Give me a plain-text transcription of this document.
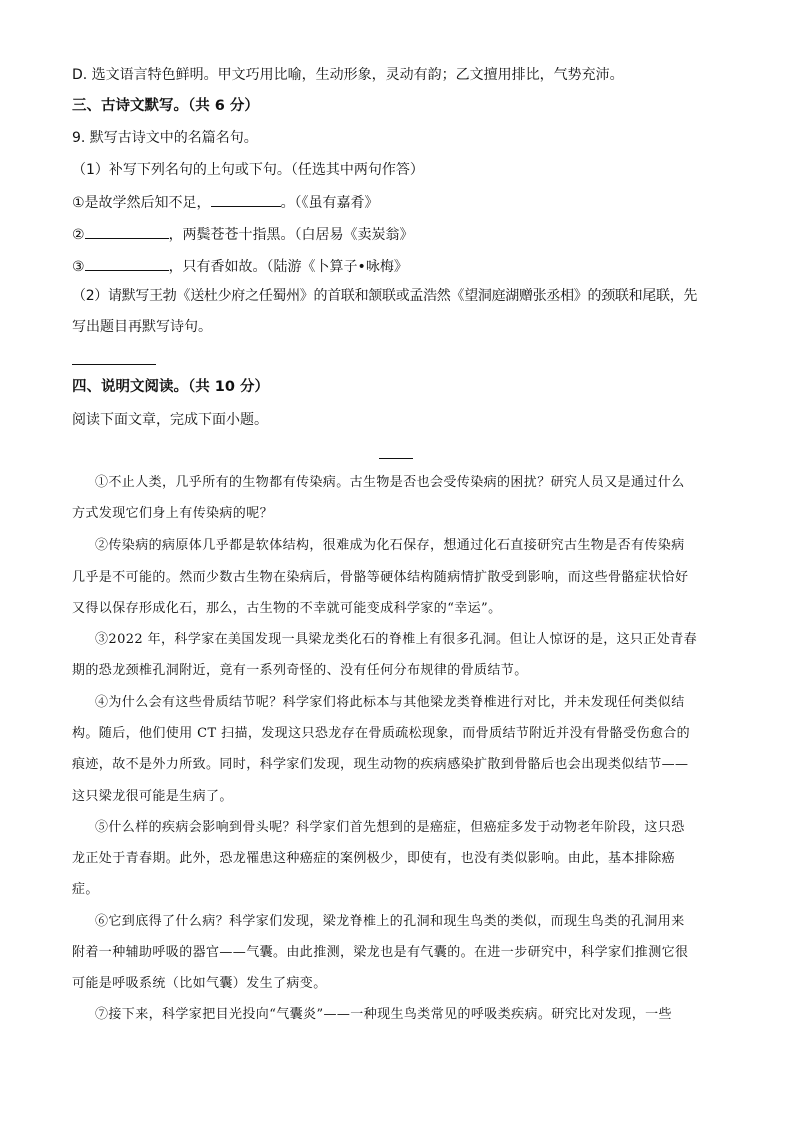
D. 选文语言特色鲜明。甲文巧用比喻，生动形象，灵动有韵；乙文擅用排比，气势充沛。
三、古诗文默写。（共 6 分）
9. 默写古诗文中的名篇名句。
（1）补写下列名句的上句或下句。（任选其中两句作答）
①是故学然后知不足，	。（《虽有嘉肴》
②	，两鬓苍苍十指黑。（白居易《卖炭翁》
③	，只有香如故。（陆游《卜算子•咏梅》
（2）请默写王勃《送杜少府之任蜀州》的首联和颔联或孟浩然《望洞庭湖赠张丞相》的颈联和尾联，先
写出题目再默写诗句。
四、说明文阅读。（共 10 分）
阅读下面文章，完成下面小题。
①不止人类，几乎所有的生物都有传染病。古生物是否也会受传染病的困扰？研究人员又是通过什么
方式发现它们身上有传染病的呢？
②传染病的病原体几乎都是软体结构，很难成为化石保存，想通过化石直接研究古生物是否有传染病
几乎是不可能的。然而少数古生物在染病后，骨骼等硬体结构随病情扩散受到影响，而这些骨骼症状恰好
又得以保存形成化石，那么，古生物的不幸就可能变成科学家的“幸运”。
③2022 年，科学家在美国发现一具梁龙类化石的脊椎上有很多孔洞。但让人惊讶的是，这只正处青春
期的恐龙颈椎孔洞附近，竟有一系列奇怪的、没有任何分布规律的骨质结节。
④为什么会有这些骨质结节呢？科学家们将此标本与其他梁龙类脊椎进行对比，并未发现任何类似结
构。随后，他们使用 CT 扫描，发现这只恐龙存在骨质疏松现象，而骨质结节附近并没有骨骼受伤愈合的
痕迹，故不是外力所致。同时，科学家们发现，现生动物的疾病感染扩散到骨骼后也会出现类似结节——
这只梁龙很可能是生病了。
⑤什么样的疾病会影响到骨头呢？科学家们首先想到的是癌症，但癌症多发于动物老年阶段，这只恐
龙正处于青春期。此外，恐龙罹患这种癌症的案例极少，即使有，也没有类似影响。由此，基本排除癌
症。
⑥它到底得了什么病？科学家们发现，梁龙脊椎上的孔洞和现生鸟类的类似，而现生鸟类的孔洞用来
附着一种辅助呼吸的器官——气囊。由此推测，梁龙也是有气囊的。在进一步研究中，科学家们推测它很
可能是呼吸系统（比如气囊）发生了病变。
⑦接下来，科学家把目光投向“气囊炎”——一种现生鸟类常见的呼吸类疾病。研究比对发现，一些
